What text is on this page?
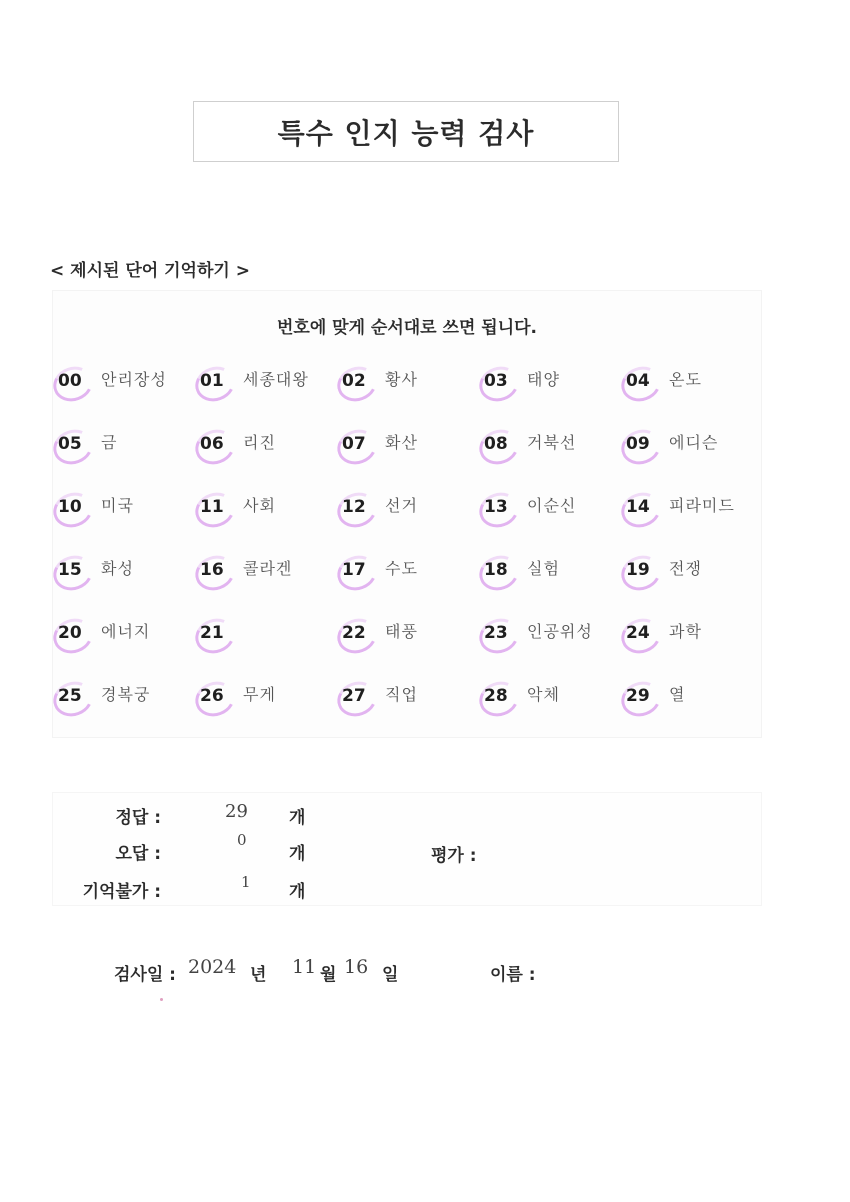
특수 인지 능력 검사
< 제시된 단어 기억하기 >
번호에 맞게 순서대로 쓰면 됩니다.
00 안리장성 01 세종대왕 02 황사	03 태양	04 온도
05 금	06 리진	07 화산	08 거북선	09 에디슨
10 미국	11 사회	12 선거	13 이순신	14 피라미드
15 화성	16 콜라겐	17 수도	18 실험	19 전쟁
20 에너지	21	22 태풍	23 인공위성 24 과학
25 경복궁	26 무게	27 직업	28 악체	29 열
정답 :	29 개
오답 :
0
개
기억불가 :	1 개
평가 :
검사일 : 2024 년 11 월 16 일	이름 :
